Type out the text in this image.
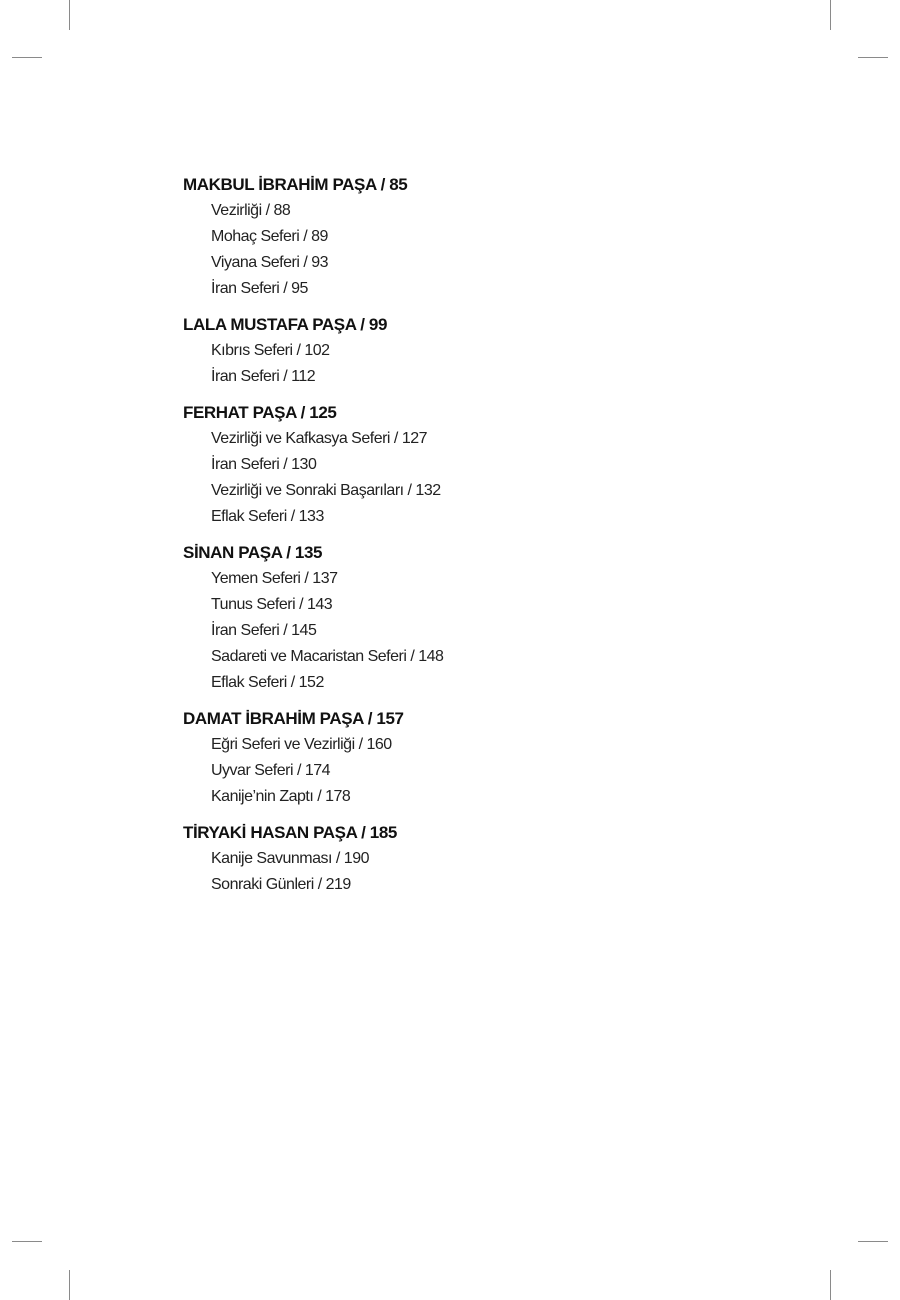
MAKBUL İBRAHİM PAŞA / 85
Vezirliği / 88
Mohaç Seferi / 89
Viyana Seferi / 93
İran Seferi / 95
LALA MUSTAFA PAŞA / 99
Kıbrıs Seferi / 102
İran Seferi / 112
FERHAT PAŞA / 125
Vezirliği ve Kafkasya Seferi / 127
İran Seferi / 130
Vezirliği ve Sonraki Başarıları / 132
Eflak Seferi / 133
SİNAN PAŞA / 135
Yemen Seferi / 137
Tunus Seferi / 143
İran Seferi / 145
Sadareti ve Macaristan Seferi / 148
Eflak Seferi / 152
DAMAT İBRAHİM PAŞA / 157
Eğri Seferi ve Vezirliği / 160
Uyvar Seferi / 174
Kanije’nin Zaptı / 178
TİRYAKİ HASAN PAŞA / 185
Kanije Savunması / 190
Sonraki Günleri / 219
